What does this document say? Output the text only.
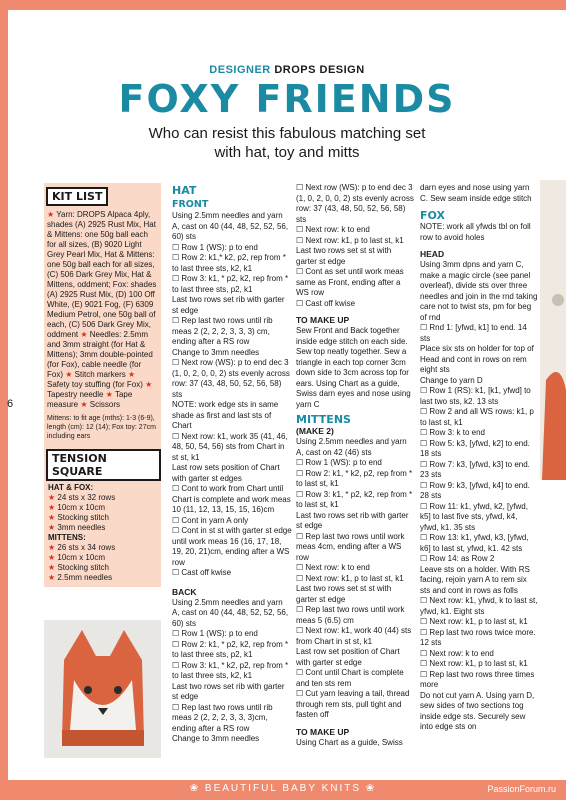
DESIGNER DROPS DESIGN
FOXY FRIENDS
Who can resist this fabulous matching set
with hat, toy and mitts
KIT LIST
★ Yarn: DROPS Alpaca 4ply, shades (A) 2925 Rust Mix, Hat & Mittens: one 50g ball each for all sizes, (B) 9020 Light Grey Pearl Mix, Hat & Mittens: one 50g ball each for all sizes, (C) 506 Dark Grey Mix, Hat & Mittens, oddment; Fox: shades (A) 2925 Rust Mix, (D) 100 Off White, (E) 9021 Fog, (F) 6309 Medium Petrol, one 50g ball of each, (C) 506 Dark Grey Mix, oddment ★ Needles: 2.5mm and 3mm straight (for Hat & Mittens); 3mm double-pointed (for Fox), cable needle (for Fox) ★ Stitch markers ★ Safety toy stuffing (for Fox) ★ Tapestry needle ★ Tape measure ★ Scissors
Mittens: to fit age (mths): 1-3 (6-9), length (cm): 12 (14); Fox toy: 27cm including ears
TENSION SQUARE
HAT & FOX:
★ 24 sts x 32 rows
★ 10cm x 10cm
★ Stocking stitch
★ 3mm needles
MITTENS:
★ 26 sts x 34 rows
★ 10cm x 10cm
★ Stocking stitch
★ 2.5mm needles
HAT
FRONT

Using 2.5mm needles and yarn A, cast on 40 (44, 48, 52, 52, 56, 60) sts

☐ Row 1 (WS): p to end

☐ Row 2: k1,* k2, p2, rep from * to last three sts, k2, k1

☐ Row 3: k1, * p2, k2, rep from * to last three sts, p2, k1

Last two rows set rib with garter st edge

☐ Rep last two rows until rib meas 2 (2, 2, 2, 3, 3, 3) cm, ending after a RS row

Change to 3mm needles

☐ Next row (WS): p to end dec 3 (1, 0, 2, 0, 0, 2) sts evenly across row: 37 (43, 48, 50, 52, 56, 58) sts

NOTE: work edge sts in same shade as first and last sts of Chart

☐ Next row: k1, work 35 (41, 46, 48, 50, 54, 56) sts from Chart in st st, k1

Last row sets position of Chart with garter st edges

☐ Cont to work from Chart until Chart is complete and work meas 10 (11, 12, 13, 15, 15, 16)cm

☐ Cont in yarn A only

☐ Cont in st st with garter st edge until work meas 16 (16, 17, 18, 19, 20, 21)cm, ending after a WS row

☐ Cast off kwise

BACK

Using 2.5mm needles and yarn A, cast on 40 (44, 48, 52, 52, 56, 60) sts

☐ Row 1 (WS): p to end

☐ Row 2: k1, * p2, k2, rep from * to last three sts, p2, k1

☐ Row 3: k1, * k2, p2, rep from * to last three sts, k2, k1

Last two rows set rib with garter st edge

☐ Rep last two rows until rib meas 2 (2, 2, 2, 3, 3, 3)cm, ending after a RS row

Change to 3mm needles

☐ Next row (WS): p to end dec 3 (1, 0, 2, 0, 0, 2) sts evenly across row: 37 (43, 48, 50, 52, 56, 58) sts

☐ Next row: k to end

☐ Next row: k1, p to last st, k1

Last two rows set st st with garter st edge

☐ Cont as set until work meas same as Front, ending after a WS row

☐ Cast off kwise

TO MAKE UP

Sew Front and Back together inside edge stitch on each side. Sew top neatly together. Sew a triangle in each top corner 3cm down side to 3cm across top for ears. Using Chart as a guide, Swiss darn eyes and nose using yarn C

MITTENS
(MAKE 2)

Using 2.5mm needles and yarn A, cast on 42 (46) sts

☐ Row 1 (WS): p to end

☐ Row 2: k1, * k2, p2, rep from * to last st, k1

☐ Row 3: k1, * p2, k2, rep from * to last st, k1

Last two rows set rib with garter st edge

☐ Rep last two rows until work meas 4cm, ending after a WS row

☐ Next row: k to end

☐ Next row: k1, p to last st, k1

Last two rows set st st with garter st edge

☐ Rep last two rows until work meas 5 (6.5) cm

☐ Next row: k1, work 40 (44) sts from Chart in st st, k1

Last row set position of Chart with garter st edge

☐ Cont until Chart is complete and ten sts rem

☐ Cut yarn leaving a tail, thread through rem sts, pull tight and fasten off

TO MAKE UP

Using Chart as a guide, Swiss

darn eyes and nose using yarn C. Sew seam inside edge stitch

FOX

NOTE: work all yfwds tbl on foll row to avoid holes

HEAD

Using 3mm dpns and yarn C, make a magic circle (see panel overleaf), divide sts over three needles and join in the rnd taking care not to twist sts, pm for beg of rnd

☐ Rnd 1: [yfwd, k1] to end. 14 sts

Place six sts on holder for top of Head and cont in rows on rem eight sts

Change to yarn D

☐ Row 1 (RS): k1, [k1, yfwd] to last two sts, k2. 13 sts

☐ Row 2 and all WS rows: k1, p to last st, k1

☐ Row 3: k to end

☐ Row 5: k3, [yfwd, k2] to end. 18 sts

☐ Row 7: k3, [yfwd, k3] to end. 23 sts

☐ Row 9: k3, [yfwd, k4] to end. 28 sts

☐ Row 11: k1, yfwd, k2, [yfwd, k5] to last five sts, yfwd, k4, yfwd, k1. 35 sts

☐ Row 13: k1, yfwd, k3, [yfwd, k6] to last st, yfwd, k1. 42 sts

☐ Row 14: as Row 2

Leave sts on a holder. With RS facing, rejoin yarn A to rem six sts and cont in rows as folls

☐ Next row: k1, yfwd, k to last st, yfwd, k1. Eight sts

☐ Next row: k1, p to last st, k1

☐ Rep last two rows twice more. 12 sts

☐ Next row: k to end

☐ Next row: k1, p to last st, k1

☐ Rep last two rows three times more

Do not cut yarn A. Using yarn D, sew sides of two sections tog inside edge sts. Securely sew into edge sts on

6
❀ BEAUTIFUL BABY KNITS ❀	PassionForum.ru
